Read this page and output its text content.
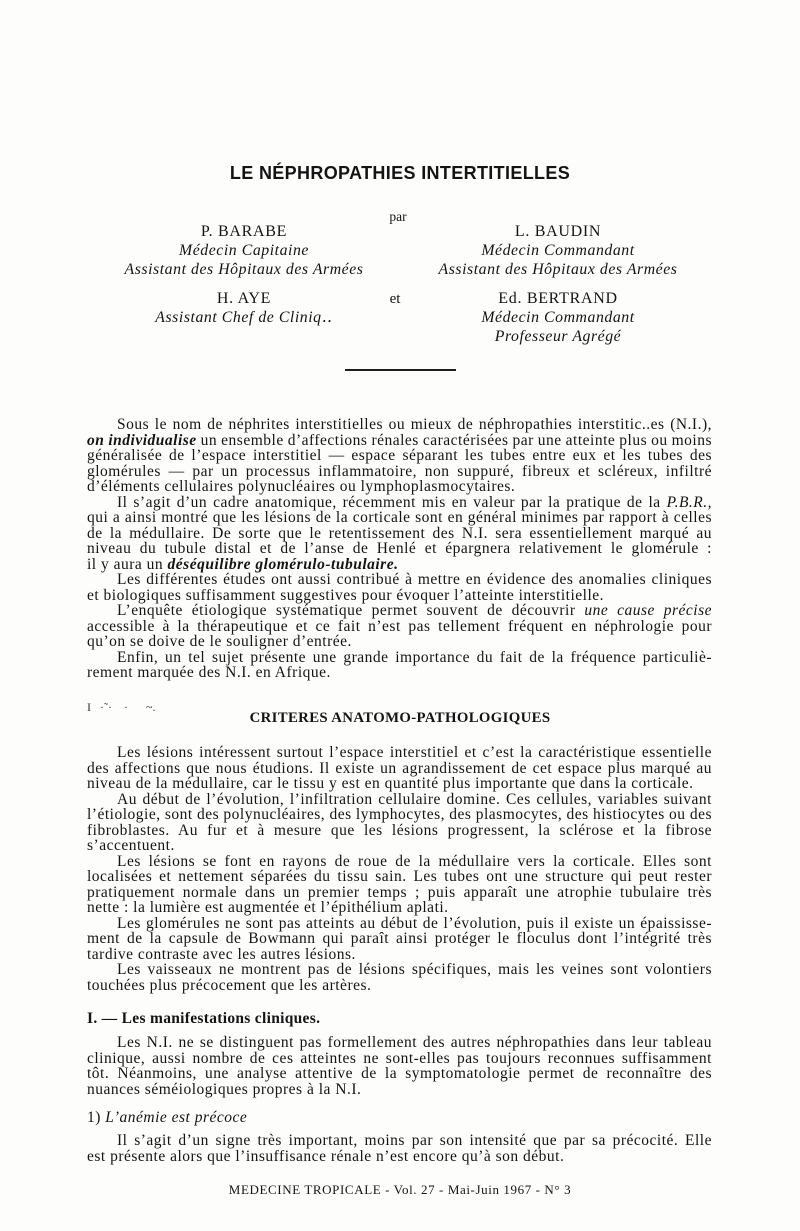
LE NÉPHROPATHIES INTERTITIELLES
par
P. BARABE
Médecin Capitaine
Assistant des Hôpitaux des Armées
L. BAUDIN
Médecin Commandant
Assistant des Hôpitaux des Armées
H. AYE
Assistant Chef de Cliniq‥
et	Ed. BERTRAND
Médecin Commandant
Professeur Agrégé
Sous le nom de néphrites interstitielles ou mieux de néphropathies interstitic..es (N.I.),
on individualise un ensemble d’affections rénales caractérisées par une atteinte plus ou moins
généralisée de l’espace interstitiel — espace séparant les tubes entre eux et les tubes des
glomérules — par un processus inflammatoire, non suppuré, fibreux et scléreux, infiltré
d’éléments cellulaires polynucléaires ou lymphoplasmocytaires.
Il s’agit d’un cadre anatomique, récemment mis en valeur par la pratique de la P.B.R.,
qui a ainsi montré que les lésions de la corticale sont en général minimes par rapport à celles
de la médullaire. De sorte que le retentissement des N.I. sera essentiellement marqué au
niveau du tubule distal et de l’anse de Henlé et épargnera relativement le glomérule :
il y aura un déséquilibre glomérulo-tubulaire.
Les différentes études ont aussi contribué à mettre en évidence des anomalies cliniques
et biologiques suffisamment suggestives pour évoquer l’atteinte interstitielle.
L’enquête étiologique systématique permet souvent de découvrir une cause précise
accessible à la thérapeutique et ce fait n’est pas tellement fréquent en néphrologie pour
qu’on se doive de le souligner d’entrée.
Enfin, un tel sujet présente une grande importance du fait de la fréquence particuliè-
rement marquée des N.I. en Afrique.
I   ·˜·    ·      ~.
CRITERES ANATOMO-PATHOLOGIQUES
Les lésions intéressent surtout l’espace interstitiel et c’est la caractéristique essentielle
des affections que nous étudions. Il existe un agrandissement de cet espace plus marqué au
niveau de la médullaire, car le tissu y est en quantité plus importante que dans la corticale.
Au début de l’évolution, l’infiltration cellulaire domine. Ces cellules, variables suivant
l’étiologie, sont des polynucléaires, des lymphocytes, des plasmocytes, des histiocytes ou des
fibroblastes. Au fur et à mesure que les lésions progressent, la sclérose et la fibrose
s’accentuent.
Les lésions se font en rayons de roue de la médullaire vers la corticale. Elles sont
localisées et nettement séparées du tissu sain. Les tubes ont une structure qui peut rester
pratiquement normale dans un premier temps ; puis apparaît une atrophie tubulaire très
nette : la lumière est augmentée et l’épithélium aplati.
Les glomérules ne sont pas atteints au début de l’évolution, puis il existe un épaississe-
ment de la capsule de Bowmann qui paraît ainsi protéger le floculus dont l’intégrité très
tardive contraste avec les autres lésions.
Les vaisseaux ne montrent pas de lésions spécifiques, mais les veines sont volontiers
touchées plus précocement que les artères.
I. — Les manifestations cliniques.
Les N.I. ne se distinguent pas formellement des autres néphropathies dans leur tableau
clinique, aussi nombre de ces atteintes ne sont-elles pas toujours reconnues suffisamment
tôt. Néanmoins, une analyse attentive de la symptomatologie permet de reconnaître des
nuances séméiologiques propres à la N.I.
1) L’anémie est précoce
Il s’agit d’un signe très important, moins par son intensité que par sa précocité. Elle
est présente alors que l’insuffisance rénale n’est encore qu’à son début.
MEDECINE TROPICALE - Vol. 27 - Mai-Juin 1967 - N° 3
